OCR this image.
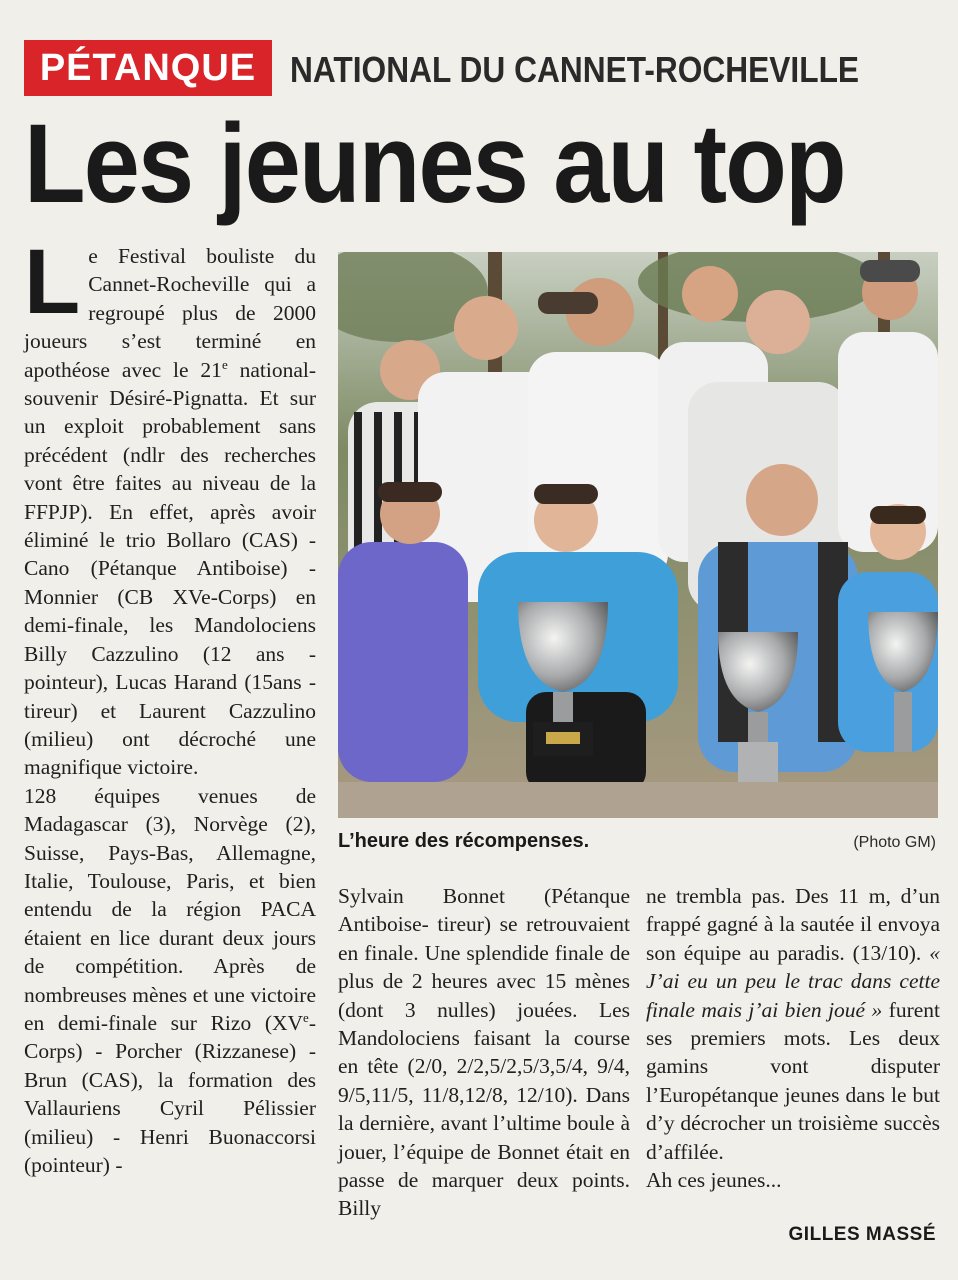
PÉTANQUE NATIONAL DU CANNET-ROCHEVILLE
Les jeunes au top

Le Festival bouliste du Cannet-Rocheville qui a regroupé plus de 2000 joueurs s’est terminé en apothéose avec le 21e national-souvenir Désiré-Pignatta. Et sur un exploit probablement sans précédent (ndlr des recherches vont être faites au niveau de la FFPJP). En effet, après avoir éliminé le trio Bollaro (CAS) - Cano (Pétanque Antiboise) - Monnier (CB XVe-Corps) en demi-finale, les Mandolociens Billy Cazzulino (12 ans - pointeur), Lucas Harand (15ans - tireur) et Laurent Cazzulino (milieu) ont décroché une magnifique victoire.

128 équipes venues de Madagascar (3), Norvège (2), Suisse, Pays-Bas, Allemagne, Italie, Toulouse, Paris, et bien entendu de la région PACA étaient en lice durant deux jours de compétition. Après de nombreuses mènes et une victoire en demi-finale sur Rizo (XVe-Corps) - Porcher (Rizzanese) - Brun (CAS), la formation des Vallauriens Cyril Pélissier (milieu) - Henri Buonaccorsi (pointeur) -

L’heure des récompenses.	(Photo GM)

Sylvain Bonnet (Pétanque Antiboise- tireur) se retrouvaient en finale. Une splendide finale de plus de 2 heures avec 15 mènes (dont 3 nulles) jouées. Les Mandolociens faisant la course en tête (2/0, 2/2,5/2,5/3,5/4, 9/4, 9/5,11/5, 11/8,12/8, 12/10). Dans la dernière, avant l’ultime boule à jouer, l’équipe de Bonnet était en passe de marquer deux points. Billy

ne trembla pas. Des 11 m, d’un frappé gagné à la sautée il envoya son équipe au paradis. (13/10). « J’ai eu un peu le trac dans cette finale mais j’ai bien joué » furent ses premiers mots. Les deux gamins vont disputer l’Europétanque jeunes dans le but d’y décrocher un troisième succès d’affilée.

Ah ces jeunes...

GILLES MASSÉ
